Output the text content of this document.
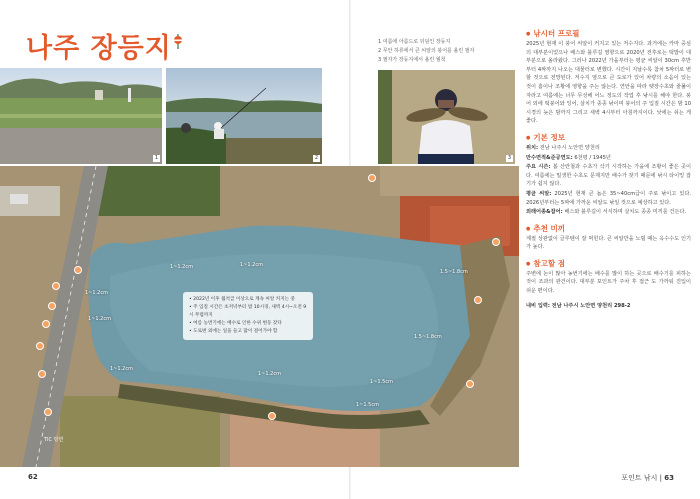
나주 장등지	1 여름에 아름드로 뒤덮인 장등지
2 무안 하류에서 큰 씨알의 붕어를 올린 필자
3 필자가 장등지에서 올린 월척
1	2	3
1~1.2cm	1~1.2cm
1~1.2cm
1.5~1.8cm
1~1.2cm
1.5~1.8cm
1~1.2cm
1~1.5cm
1~1.5cm
1~1.2cm
TIC 방면
• 2022년 이후 월척급 이상으로 계속 씨알 커지는 중
• 주 입질 시간은 초저녁부터 밤 10시경, 새벽 4시~오전 9시 무렵까지
• 여름 농번기에는 배수로 인한 수위 변동 잦다
• 도로변 외에는 일을 들고 많이 걸어가야 함
● 낚시터 프로필

2025년 현재 이 붕어 씨알이 커지고 있는 저수지다. 과거에는 카마 중심의 대부분이었으나 배스와 블루길 영향으로 2020년 전후로는 떡밥이 대부분으로 올라왔다. 그러나 2022년 가을부터는 평균 씨알이 30cm 후반부터 4짜까지 나오는 대물터로 변했다. 시간이 지날수록 참차 5짜터로 변할 것으로 전망된다. 저수지 옆으로 큰 도로가 있어 차량의 소음이 있는 것이 흠이나 조황에 영향을 주는 않는다. 연안을 따라 뗏장수초와 줄풀이 자라고 여름에는 너무 무성해 어느 정도의 작업 후 낚시를 해야 한다. 붕어 외에 떡붕어와 잉어, 살치가 종종 낚이며 붕어의 주 입질 시간은 밤 10시경의 늦은 밤까지 그리고 새벽 4시부터 아침까지이다. 낮에는 쉬는 게 좋다.

● 기본 정보

위치: 전남 나주시 노안면 양천리

만수면적&준공연도: 6천평 / 1945년

주요 시즌: 봄 산란철과 수초가 삭기 시작하는 가을에 조황이 좋은 곳이다. 여름에는 밀생한 수초도 문제지만 배수가 잦기 때문에 낚시 타이밍 잡기가 쉽지 않다.

평균 씨알: 2025년 현재 큰 놈은 35~40cm급이 주로 낚이고 있다. 2026년부터는 5짜에 가까운 씨알도 낚일 것으로 예상하고 있다.

외래어종&잡어: 배스와 블루길이 서식하며 살치도 종종 미끼를 건든다.

● 추천 미끼

계절 상관없이 글루텐이 잘 먹힌다. 큰 씨알만을 노릴 때는 옥수수도 인기가 높다.

● 참고할 점

주변에 논이 많아 농번기에는 배수를 많이 하는 곳으로 배수기를 피하는 것이 조과의 관건이다. 대부분 포인트가 주차 후 접근 도 가까워 진입이 쉬운 편이다.

내비 입력: 전남 나주시 노안면 양천리 298-2

62	포인트 낚시 | 63
